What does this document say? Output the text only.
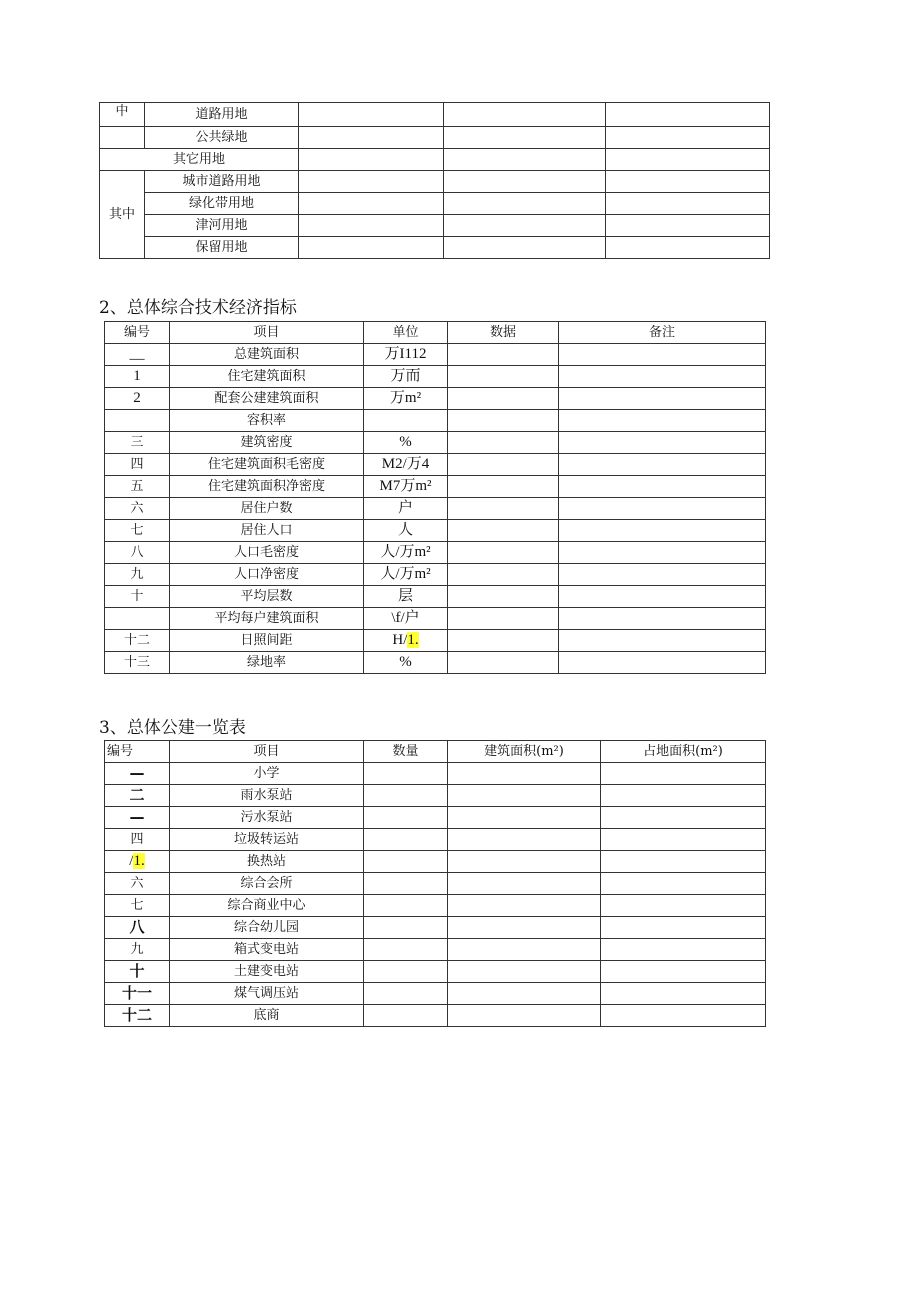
中	道路用地			
	公共绿地			
其它用地				
其中	城市道路用地			
	绿化带用地			
	津河用地			
	保留用地			
2、总体综合技术经济指标
编号	项目	单位	数据	备注
__	总建筑面积	万I112		
1	住宅建筑面积	万而		
2	配套公建建筑面积	万m²		
	容积率			
三	建筑密度	%		
四	住宅建筑面积毛密度	M2/万4		
五	住宅建筑面积净密度	M7万m²		
六	居住户数	户		
七	居住人口	人		
八	人口毛密度	人/万m²		
九	人口净密度	人/万m²		
十	平均层数	层		
	平均每户建筑面积	\f/户		
十二	日照间距	H/1.		
十三	绿地率	%		
3、总体公建一览表
编号	项目	数量	建筑面积(m²)	占地面积(m²)
—	小学			
二	雨水泵站			
—	污水泵站			
四	垃圾转运站			
/1.	换热站			
六	综合会所			
七	综合商业中心			
八	综合幼儿园			
九	箱式变电站			
十	土建变电站			
十一	煤气调压站			
十二	底商			
